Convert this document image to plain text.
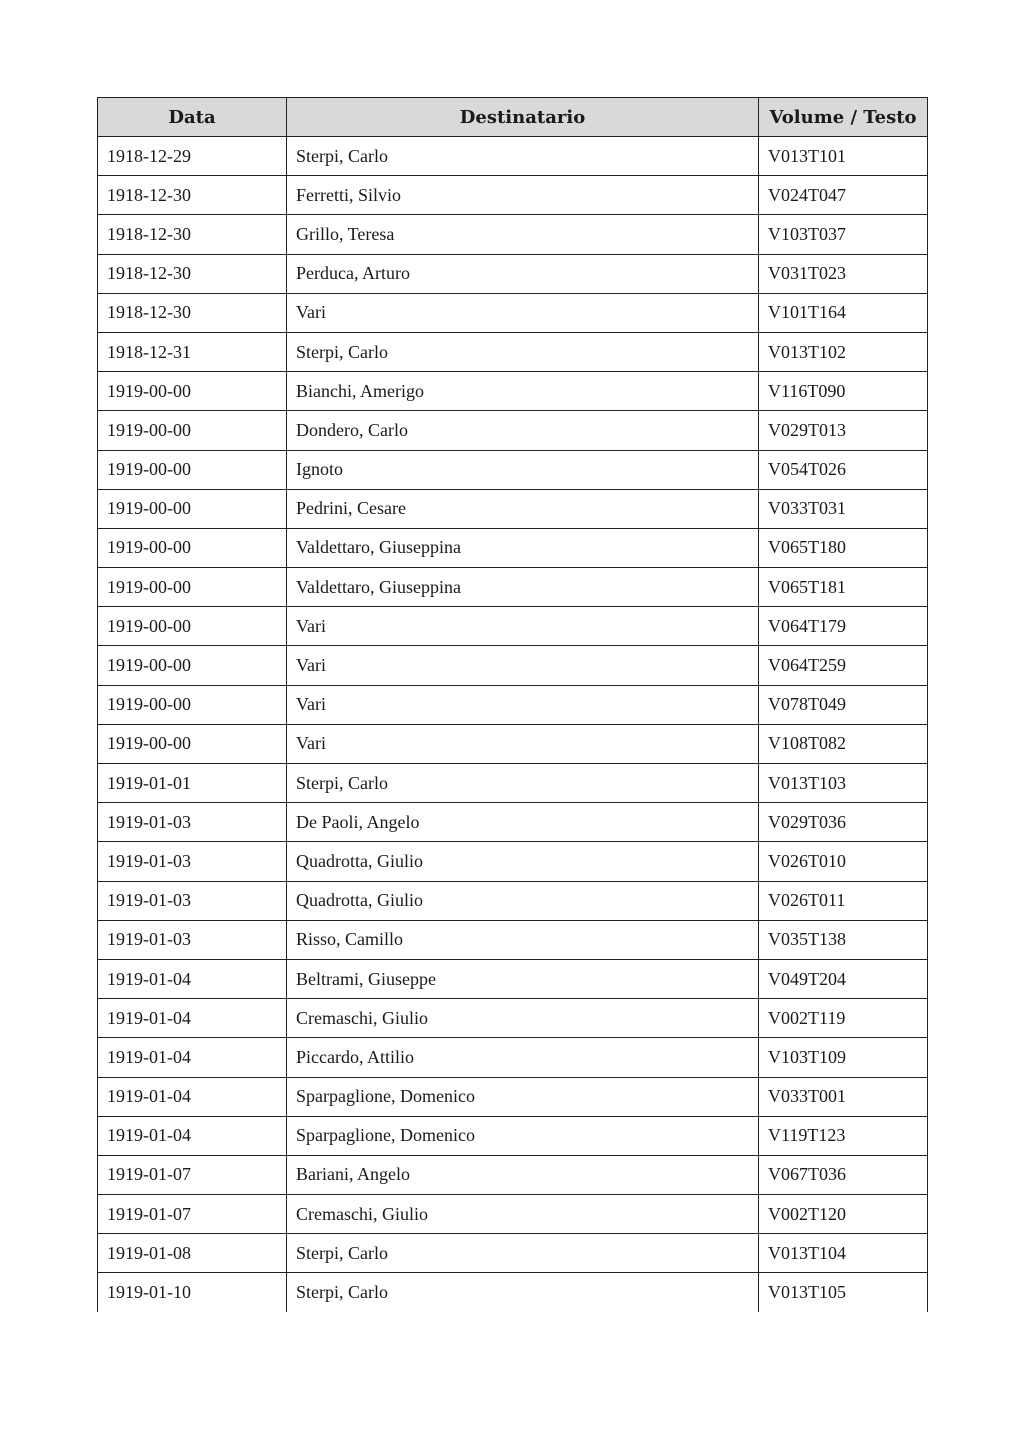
Data	Destinatario	Volume / Testo
1918-12-29	Sterpi, Carlo	V013T101
1918-12-30	Ferretti, Silvio	V024T047
1918-12-30	Grillo, Teresa	V103T037
1918-12-30	Perduca, Arturo	V031T023
1918-12-30	Vari	V101T164
1918-12-31	Sterpi, Carlo	V013T102
1919-00-00	Bianchi, Amerigo	V116T090
1919-00-00	Dondero, Carlo	V029T013
1919-00-00	Ignoto	V054T026
1919-00-00	Pedrini, Cesare	V033T031
1919-00-00	Valdettaro, Giuseppina	V065T180
1919-00-00	Valdettaro, Giuseppina	V065T181
1919-00-00	Vari	V064T179
1919-00-00	Vari	V064T259
1919-00-00	Vari	V078T049
1919-00-00	Vari	V108T082
1919-01-01	Sterpi, Carlo	V013T103
1919-01-03	De Paoli, Angelo	V029T036
1919-01-03	Quadrotta, Giulio	V026T010
1919-01-03	Quadrotta, Giulio	V026T011
1919-01-03	Risso, Camillo	V035T138
1919-01-04	Beltrami, Giuseppe	V049T204
1919-01-04	Cremaschi, Giulio	V002T119
1919-01-04	Piccardo, Attilio	V103T109
1919-01-04	Sparpaglione, Domenico	V033T001
1919-01-04	Sparpaglione, Domenico	V119T123
1919-01-07	Bariani, Angelo	V067T036
1919-01-07	Cremaschi, Giulio	V002T120
1919-01-08	Sterpi, Carlo	V013T104
1919-01-10	Sterpi, Carlo	V013T105
